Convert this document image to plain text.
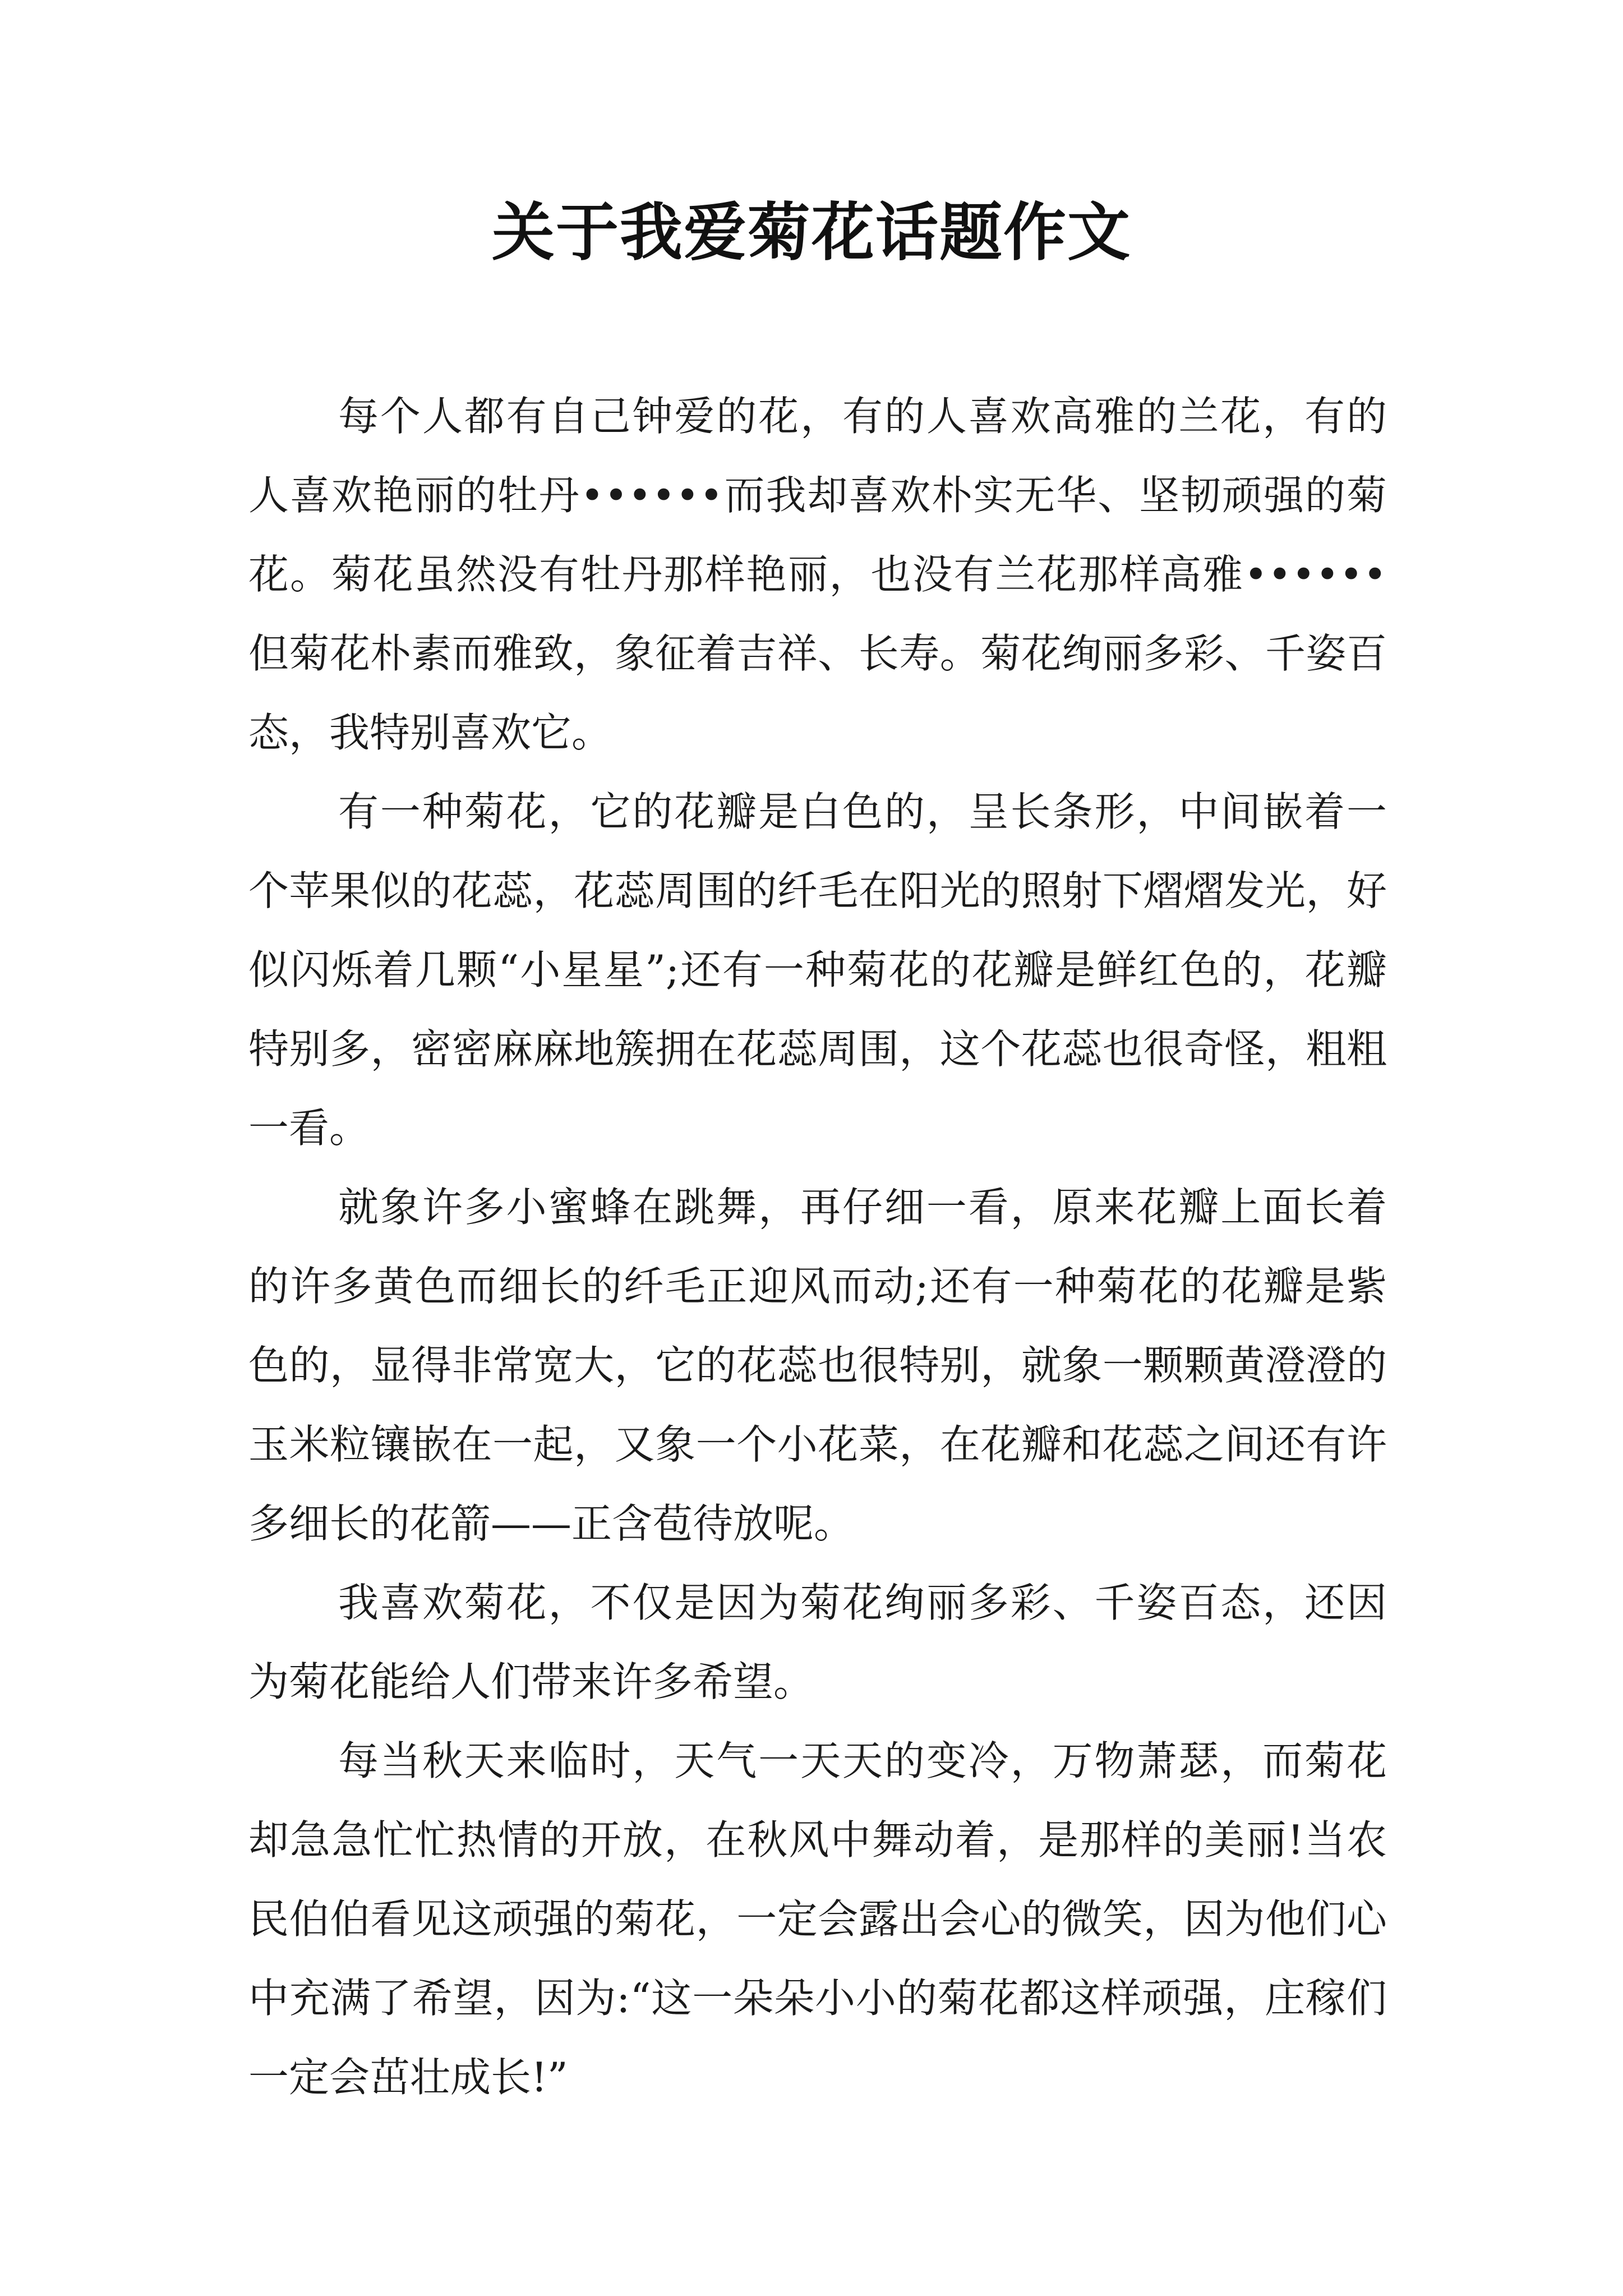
关于我爱菊花话题作文

每个人都有自己钟爱的花，有的人喜欢高雅的兰花，有的人喜欢艳丽的牡丹••••••而我却喜欢朴实无华、坚韧顽强的菊花。菊花虽然没有牡丹那样艳丽，也没有兰花那样高雅••••••但菊花朴素而雅致，象征着吉祥、长寿。菊花绚丽多彩、千姿百态，我特别喜欢它。

有一种菊花，它的花瓣是白色的，呈长条形，中间嵌着一个苹果似的花蕊，花蕊周围的纤毛在阳光的照射下熠熠发光，好似闪烁着几颗“小星星”;还有一种菊花的花瓣是鲜红色的，花瓣特别多，密密麻麻地簇拥在花蕊周围，这个花蕊也很奇怪，粗粗一看。

就象许多小蜜蜂在跳舞，再仔细一看，原来花瓣上面长着的许多黄色而细长的纤毛正迎风而动;还有一种菊花的花瓣是紫色的，显得非常宽大，它的花蕊也很特别，就象一颗颗黄澄澄的玉米粒镶嵌在一起，又象一个小花菜，在花瓣和花蕊之间还有许多细长的花箭——正含苞待放呢。

我喜欢菊花，不仅是因为菊花绚丽多彩、千姿百态，还因为菊花能给人们带来许多希望。

每当秋天来临时，天气一天天的变冷，万物萧瑟，而菊花却急急忙忙热情的开放，在秋风中舞动着，是那样的美丽!当农民伯伯看见这顽强的菊花，一定会露出会心的微笑，因为他们心中充满了希望，因为:“这一朵朵小小的菊花都这样顽强，庄稼们一定会茁壮成长!”
